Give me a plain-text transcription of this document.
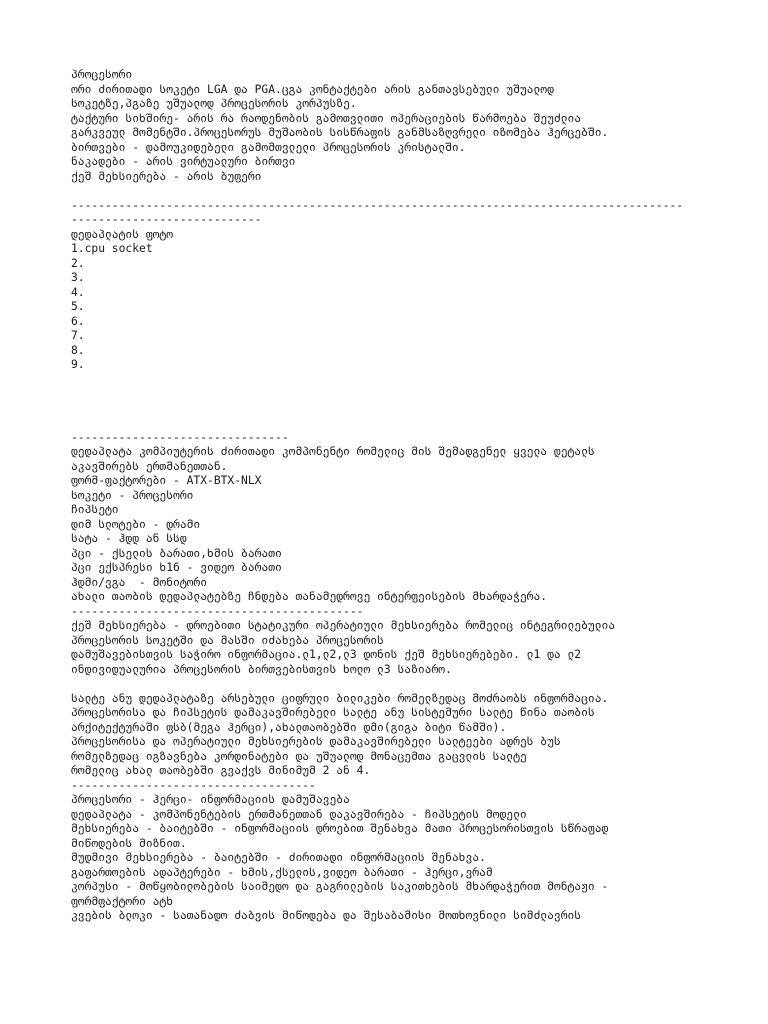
პროცესორი
ორი ძირითადი სოკეტი LGA და PGA.ცგა კონტაქტები არის განთავსებული უშუალოდ
სოკეტზე,პგაზე უშუალოდ პროცესორის კორპუსზე.
ტაქტური სიხშირე- არის რა რაოდენობის გამოთვლითი ოპერაციების წარმოება შეუძლია
გარკვეულ მომენტში.პროცესორუს მუშაობის სისწრაფის განმსაზღვრელი იზომება ჰერცებში.
ბირთვები - დამოუკიდებელი გამომთვლელი პროცესორის კრისტალში.
ნაკადები - არის ვირტუალური ბირთვი
ქეშ მეხსიერება - არის ბუფერი
------------------------------------------------------------------------------------------
----------------------------
დედაპლატის ფოტო
1.cpu socket
2.
3.
4.
5.
6.
7.
8.
9.
--------------------------------
დედაპლატა კომპიუტერის ძირითადი კომპონენტი რომელიც მის შემადგენელ ყველა დეტალს
აკავშირებს ერთმანეთთან.
ფორმ-ფაქტორები - ATX-BTX-NLX
სოკეტი - პროცესორი
ჩიპსეტი
დიმ სლოტები - დრამი
სატა - ჰდდ ან სსდ
პცი - ქსელის ბარათი,ხმის ბარათი
პცი ექსპრესი ხ16 - ვიდეო ბარათი
ჰდმი/ვგა  - მონიტორი
ახალი თაობის დედაპლატებზე ჩნდება თანამედროვე ინტერფეისების მხარდაჭერა.
-------------------------------------------
ქეშ მეხსიერება - დროებითი სტატიკური ოპერატიული მეხსიერება რომელიც ინტეგრილებულია
პროცესორის სოკეტში და მასში იძახება პროცესორის
დამუშავებისთვის საჭირო ინფორმაცია.ლ1,ლ2,ლ3 დონის ქეშ მეხსიერებები. ლ1 და ლ2
ინდივიდუალურია პროცესორის ბირთვებისთვის ხოლო ლ3 საზიარო.
სალტე ანუ დედაპლატაზე არსებული ციფრული ბილიკები რომელზედაც მოძრაობს ინფორმაცია.
პროცესორისა და ჩიპსეტის დამაკავშირებელი სალტე ანუ სისტემური სალტე წინა თაობის
არქიტექტურაში ფსბ(მეგა ჰერცი),ახალთაობებში დმი(გიგა ბიტი წამში).
პროცესორისა და ოპერატიული მეხსიერების დამაკავშირებელი სალტეები ადრეს ბუს
რომელზედაც იგზავნება კორდინატები და უშუალოდ მონაცემთა გაცვლის სალტე
რომელიც ახალ თაობებში გვაქვს მინიმუმ 2 ან 4.
------------------------------------
პროცესორი - ჰერცი- ინფორმაციის დამუშავება
დედაპლატა - კომპონენტების ერთმანეთთან დაკავშირება - ჩიპსეტის მოდელი
მეხსიერება - ბაიტებში - ინფორმაციის დროებით შენახვა მათი პროცესორისთვის სწრაფად
მიწოდების მიზნით.
მუდმივი მეხსიერება - ბაიტებში - ძირითადი ინფორმაციის შენახვა.
გაფართოების ადაპტერები - ხმის,ქსელის,ვიდეო ბარათი - ჰერცი,ვრამ
კორპუსი - მოწყობილობების საიმედო და გაგრილების საკითხების მხარდაჭერით მონტაჟი -
ფორმფაქტორი ატხ
კვების ბლოკი - სათანადო ძაბვის მიწოდება და შესაბამისი მოთხოვნილი სიმძლავრის
